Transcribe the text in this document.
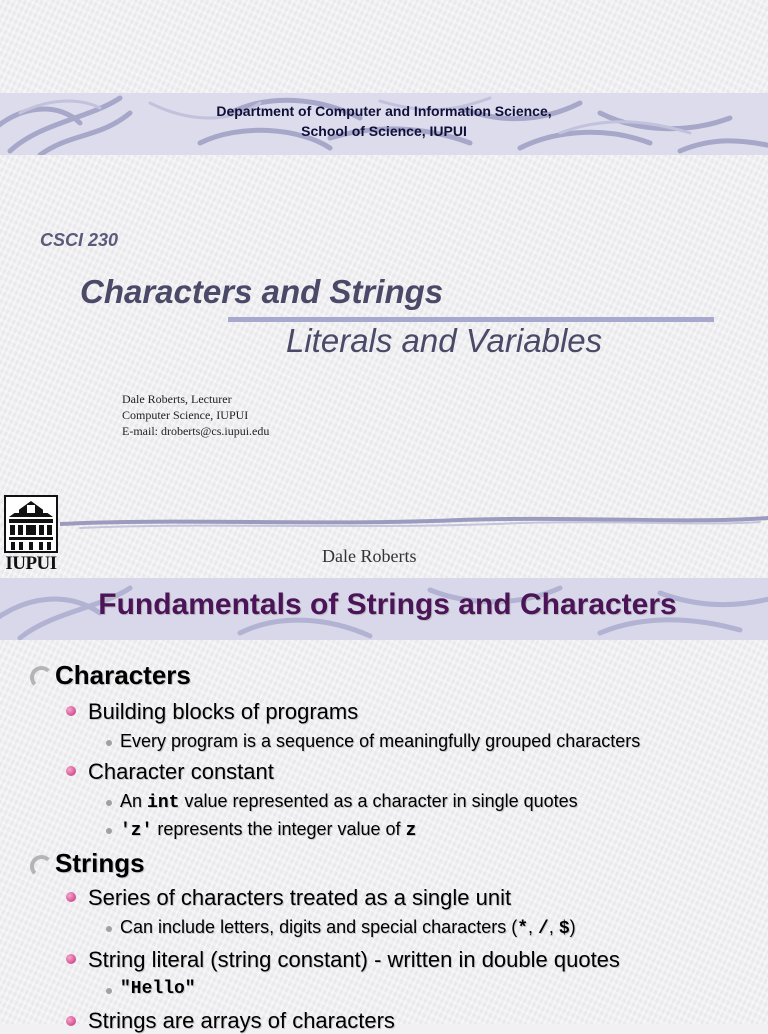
Department of Computer and Information Science,
School of Science, IUPUI
CSCI 230
Characters and Strings
Literals and Variables
Dale Roberts, Lecturer
Computer Science, IUPUI
E-mail: droberts@cs.iupui.edu
IUPUI	Dale Roberts
Fundamentals of Strings and Characters
Characters
Building blocks of programs
Every program is a sequence of meaningfully grouped characters
Character constant
An int value represented as a character in single quotes
'z' represents the integer value of z
Strings
Series of characters treated as a single unit
Can include letters, digits and special characters (*, /, $)
String literal (string constant) - written in double quotes
"Hello"
Strings are arrays of characters
